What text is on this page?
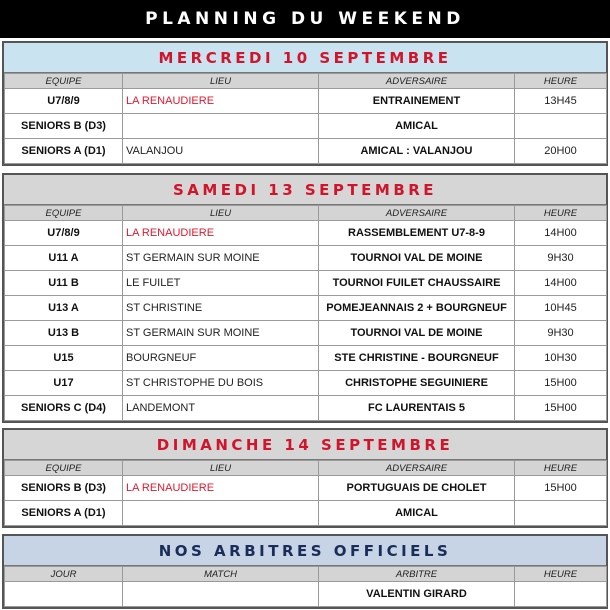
PLANNING DU WEEKEND
MERCREDI 10 SEPTEMBRE
EQUIPE	LIEU	ADVERSAIRE	HEURE
U7/8/9	LA RENAUDIERE	ENTRAINEMENT	13H45
SENIORS B (D3)		AMICAL	
SENIORS A (D1)	VALANJOU	AMICAL : VALANJOU	20H00
SAMEDI 13 SEPTEMBRE
EQUIPE	LIEU	ADVERSAIRE	HEURE
U7/8/9	LA RENAUDIERE	RASSEMBLEMENT U7-8-9	14H00
U11 A	ST GERMAIN SUR MOINE	TOURNOI VAL DE MOINE	9H30
U11 B	LE FUILET	TOURNOI FUILET CHAUSSAIRE	14H00
U13 A	ST CHRISTINE	POMEJEANNAIS 2 + BOURGNEUF	10H45
U13 B	ST GERMAIN SUR MOINE	TOURNOI VAL DE MOINE	9H30
U15	BOURGNEUF	STE CHRISTINE - BOURGNEUF	10H30
U17	ST CHRISTOPHE DU BOIS	CHRISTOPHE SEGUINIERE	15H00
SENIORS C (D4)	LANDEMONT	FC LAURENTAIS 5	15H00
DIMANCHE 14 SEPTEMBRE
EQUIPE	LIEU	ADVERSAIRE	HEURE
SENIORS B (D3)	LA RENAUDIERE	PORTUGUAIS DE CHOLET	15H00
SENIORS A (D1)		AMICAL	
NOS ARBITRES OFFICIELS
JOUR	MATCH	ARBITRE	HEURE
		VALENTIN GIRARD	
